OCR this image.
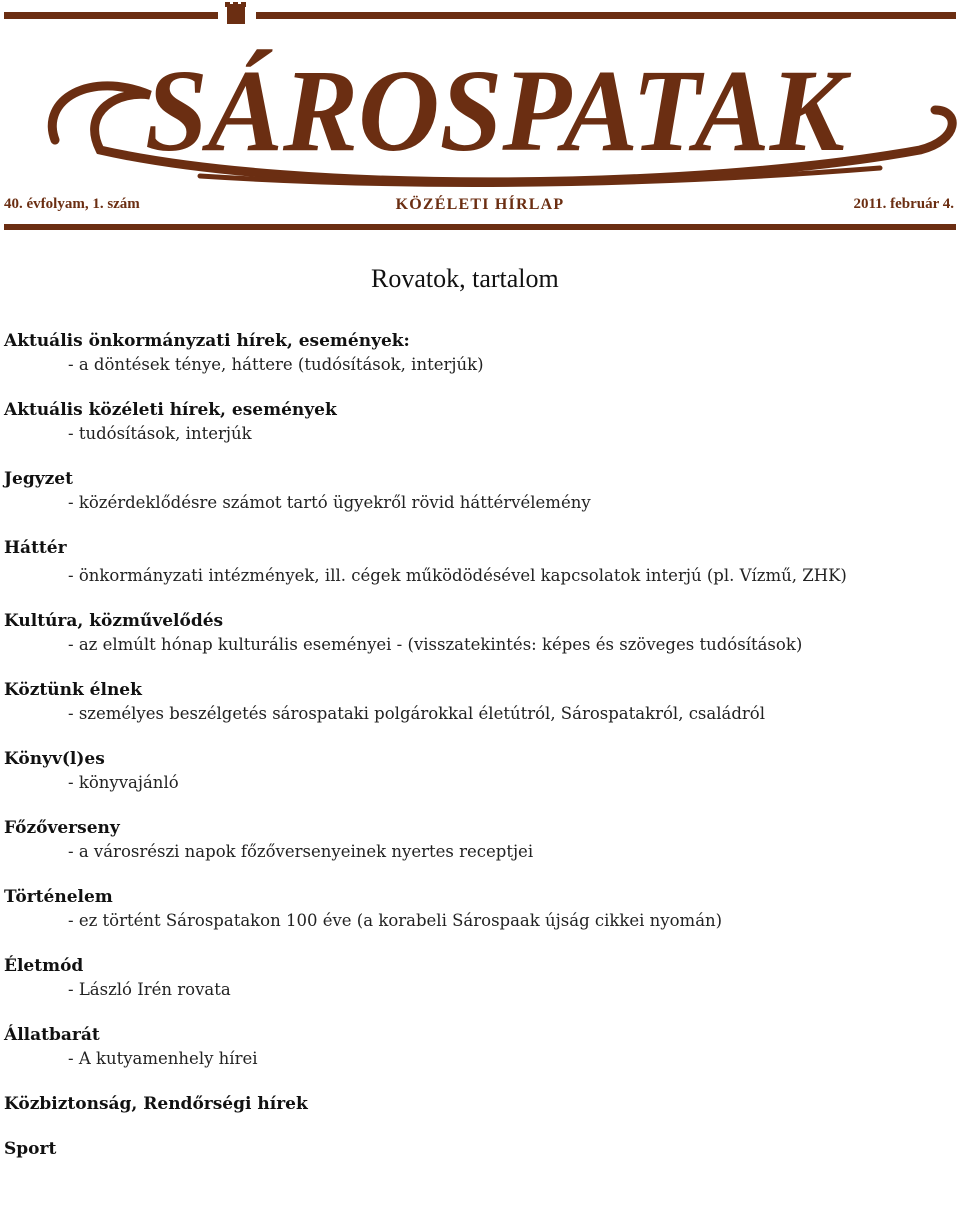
SÁROSPATAK
40. évfolyam, 1. szám	KÖZÉLETI HÍRLAP	2011. február 4.
Rovatok, tartalom

Aktuális önkormányzati hírek, események:

- a döntések ténye, háttere (tudósítások, interjúk)

Aktuális közéleti hírek, események

- tudósítások, interjúk

Jegyzet

- közérdeklődésre számot tartó ügyekről rövid háttérvélemény

Háttér

- önkormányzati intézmények, ill. cégek működödésével kapcsolatok interjú (pl. Vízmű, ZHK)

Kultúra, közművelődés

- az elmúlt hónap kulturális eseményei - (visszatekintés: képes és szöveges tudósítások)

Köztünk élnek

- személyes beszélgetés sárospataki polgárokkal életútról, Sárospatakról, családról

Könyv(l)es

- könyvajánló

Főzőverseny

- a városrészi napok főzőversenyeinek nyertes receptjei

Történelem

- ez történt Sárospatakon 100 éve (a korabeli Sárospaak újság cikkei nyomán)

Életmód

- László Irén rovata

Állatbarát

- A kutyamenhely hírei

Közbiztonság, Rendőrségi hírek

Sport
